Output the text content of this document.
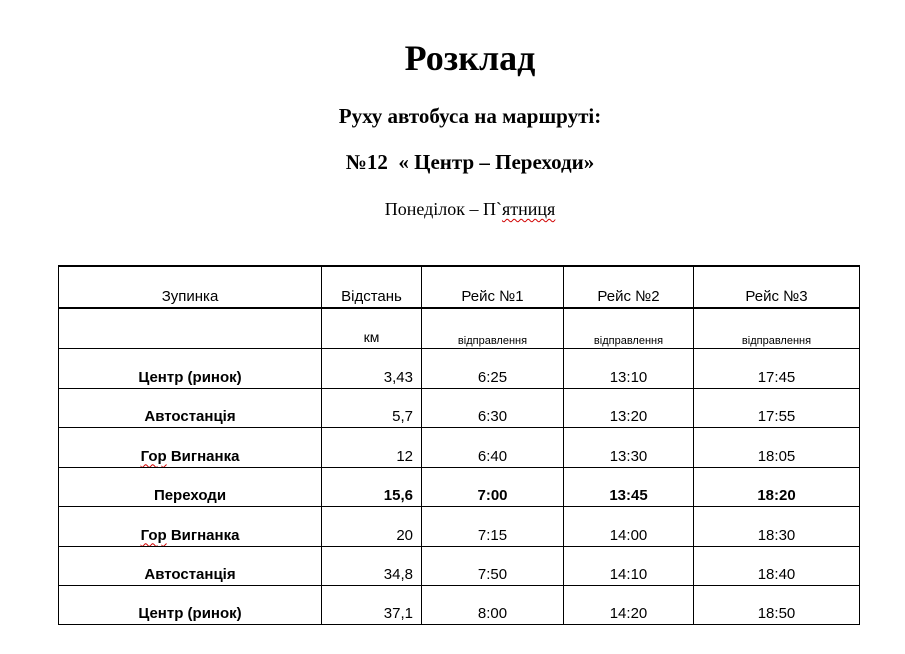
Розклад
Руху автобуса на маршруті:
№12  « Центр – Переходи»
Понеділок – П`ятниця
Зупинка	Відстань	Рейс №1	Рейс №2	Рейс №3
	км	відправлення	відправлення	відправлення
Центр (ринок)	3,43	6:25	13:10	17:45
Автостанція	5,7	6:30	13:20	17:55
Гор Вигнанка	12	6:40	13:30	18:05
Переходи	15,6	7:00	13:45	18:20
Гор Вигнанка	20	7:15	14:00	18:30
Автостанція	34,8	7:50	14:10	18:40
Центр (ринок)	37,1	8:00	14:20	18:50
